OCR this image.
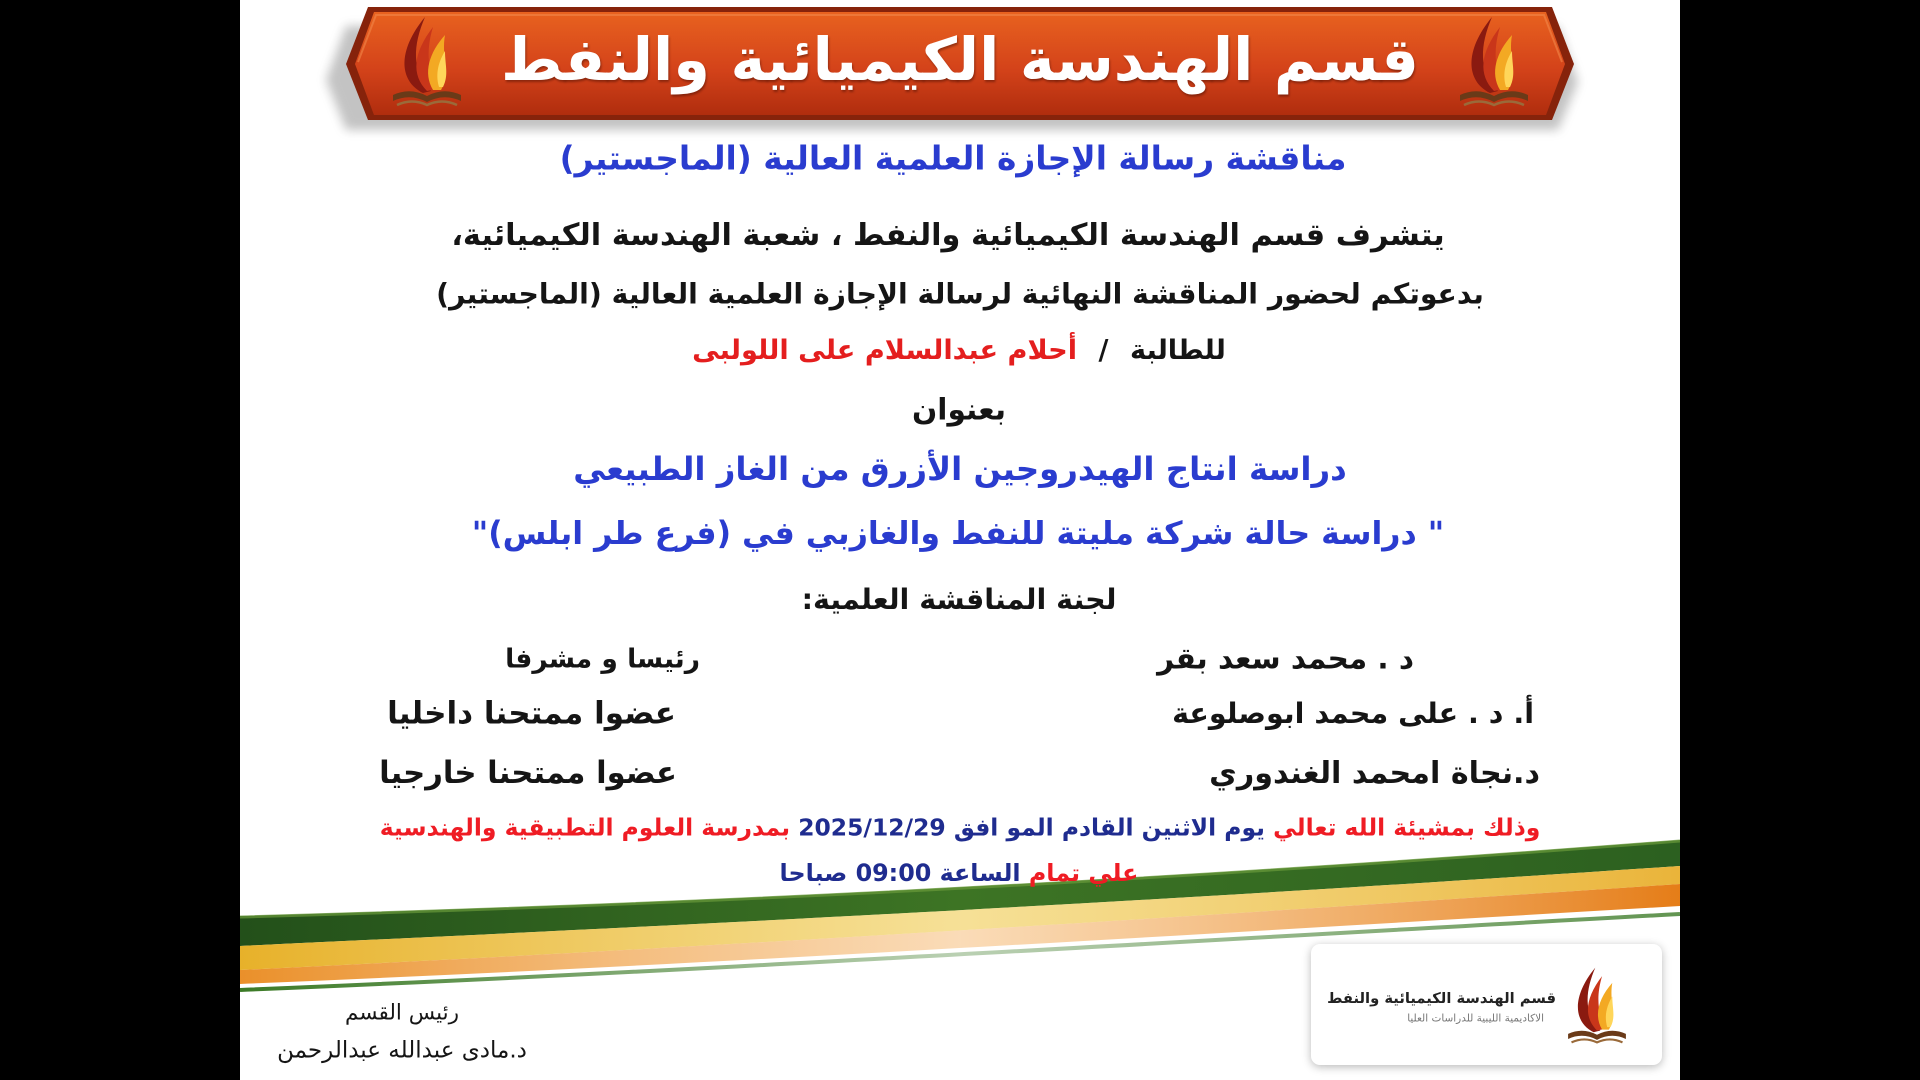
قسم الهندسة الكيميائية والنفط
مناقشة رسالة الإجازة العلمية العالية (الماجستير)
يتشرف قسم الهندسة الكيميائية والنفط ، شعبة الهندسة الكيميائية،
بدعوتكم لحضور المناقشة النهائية لرسالة الإجازة العلمية العالية (الماجستير)
للطالبة / أحلام عبدالسلام على اللولبى
بعنوان
دراسة انتاج الهيدروجين الأزرق من الغاز الطبيعي
" دراسة حالة شركة مليتة للنفط والغازبي في (فرع طر ابلس)"
لجنة المناقشة العلمية:
د . محمد سعد بقر
رئيسا و مشرفا
أ. د . على محمد ابوصلوعة
عضوا ممتحنا داخليا
د.نجاة امحمد الغندوري
عضوا ممتحنا خارجيا
وذلك بمشيئة الله تعالي يوم الاثنين القادم المو افق 2025/12/29 بمدرسة العلوم التطبيقية والهندسية
علي تمام الساعة 09:00 صباحا
رئيس القسم
د.مادى عبدالله عبدالرحمن
قسم الهندسة الكيميائية والنفط
الاكاديمية الليبية للدراسات العليا
